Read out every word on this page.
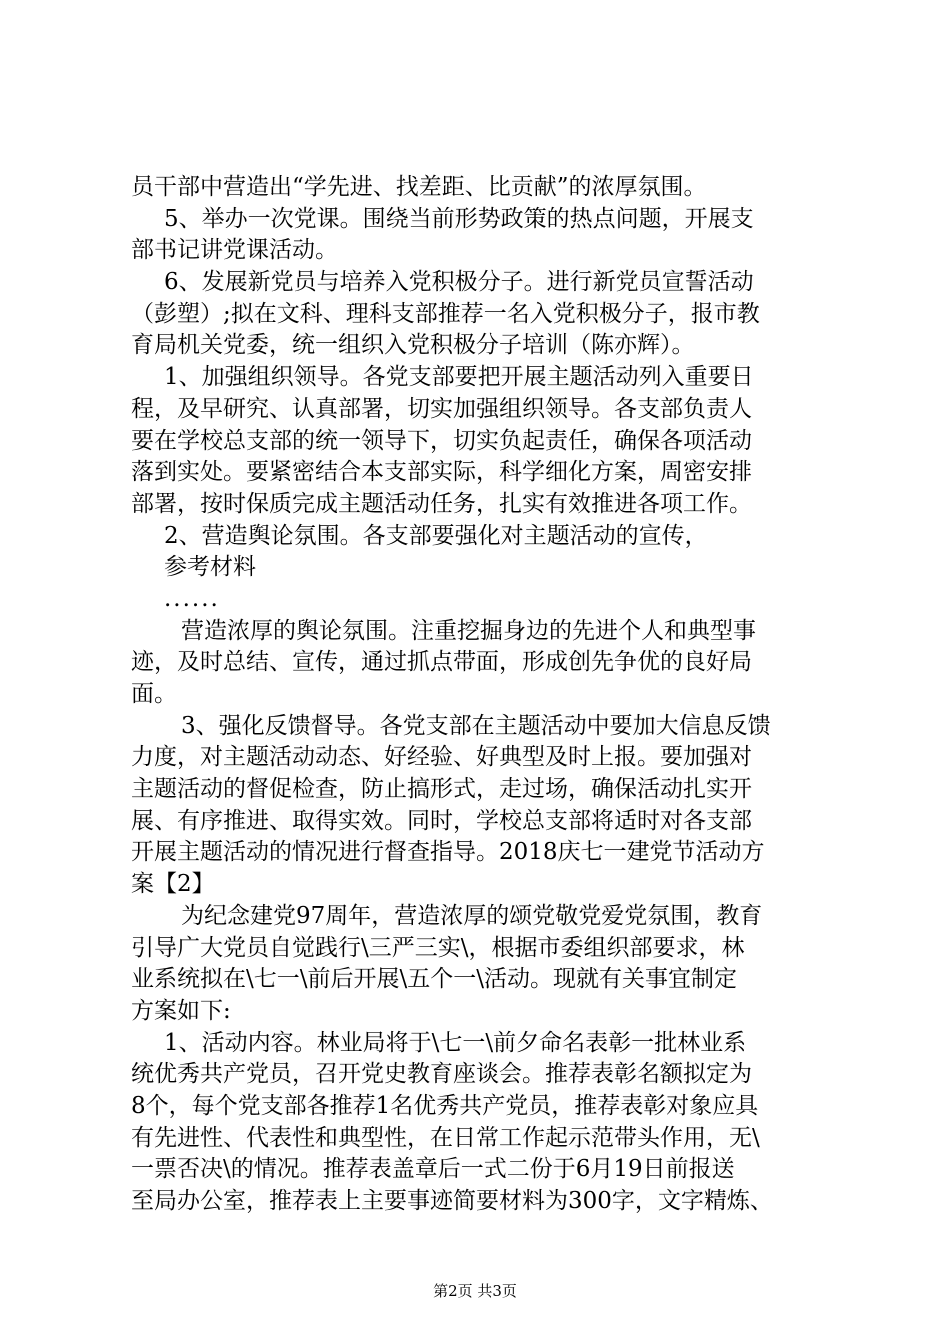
员干部中营造出“学先进、找差距、比贡献”的浓厚氛围。
5、举办一次党课。围绕当前形势政策的热点问题，开展支
部书记讲党课活动。
6、发展新党员与培养入党积极分子。进行新党员宣誓活动
（彭塑）;拟在文科、理科支部推荐一名入党积极分子，报市教
育局机关党委，统一组织入党积极分子培训（陈亦辉）。
1、加强组织领导。各党支部要把开展主题活动列入重要日
程，及早研究、认真部署，切实加强组织领导。各支部负责人
要在学校总支部的统一领导下，切实负起责任，确保各项活动
落到实处。要紧密结合本支部实际，科学细化方案，周密安排
部署，按时保质完成主题活动任务，扎实有效推进各项工作。
2、营造舆论氛围。各支部要强化对主题活动的宣传，
参考材料
......
营造浓厚的舆论氛围。注重挖掘身边的先进个人和典型事
迹，及时总结、宣传，通过抓点带面，形成创先争优的良好局
面。
3、强化反馈督导。各党支部在主题活动中要加大信息反馈
力度，对主题活动动态、好经验、好典型及时上报。要加强对
主题活动的督促检查，防止搞形式，走过场，确保活动扎实开
展、有序推进、取得实效。同时，学校总支部将适时对各支部
开展主题活动的情况进行督查指导。2018庆七一建党节活动方
案【2】
为纪念建党97周年，营造浓厚的颂党敬党爱党氛围，教育
引导广大党员自觉践行\三严三实\，根据市委组织部要求，林
业系统拟在\七一\前后开展\五个一\活动。现就有关事宜制定
方案如下:
1、活动内容。林业局将于\七一\前夕命名表彰一批林业系
统优秀共产党员，召开党史教育座谈会。推荐表彰名额拟定为
8个，每个党支部各推荐1名优秀共产党员，推荐表彰对象应具
有先进性、代表性和典型性，在日常工作起示范带头作用，无\
一票否决\的情况。推荐表盖章后一式二份于6月19日前报送
至局办公室，推荐表上主要事迹简要材料为300字，文字精炼、
第2页 共3页
